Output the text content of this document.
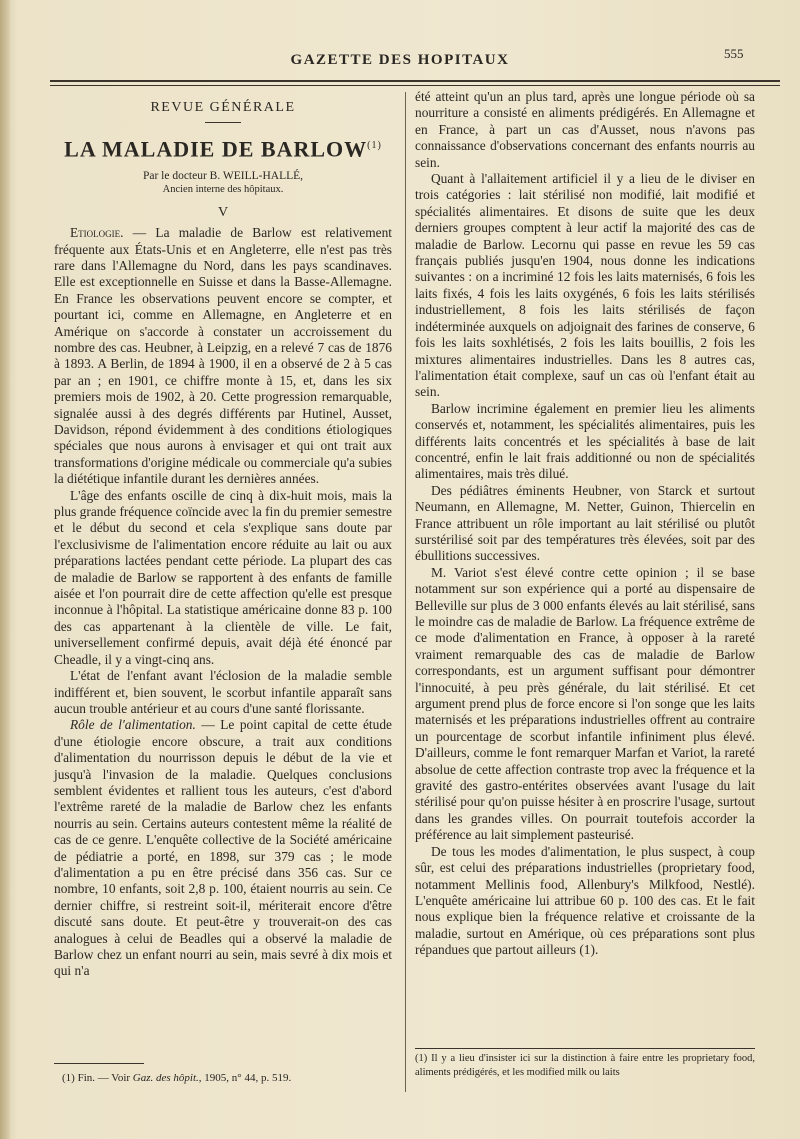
GAZETTE DES HOPITAUX	555
REVUE GÉNÉRALE
LA MALADIE DE BARLOW$^{(1)}$
Par le docteur B. WEILL-HALLÉ,
Ancien interne des hôpitaux.
V

Etiologie. — La maladie de Barlow est relativement fréquente aux États-Unis et en Angleterre, elle n'est pas très rare dans l'Allemagne du Nord, dans les pays scandinaves. Elle est exceptionnelle en Suisse et dans la Basse-Allemagne. En France les observations peuvent encore se compter, et pourtant ici, comme en Allemagne, en Angleterre et en Amérique on s'accorde à constater un accroissement du nombre des cas. Heubner, à Leipzig, en a relevé 7 cas de 1876 à 1893. A Berlin, de 1894 à 1900, il en a observé de 2 à 5 cas par an ; en 1901, ce chiffre monte à 15, et, dans les six premiers mois de 1902, à 20. Cette progression remarquable, signalée aussi à des degrés différents par Hutinel, Ausset, Davidson, répond évidemment à des conditions étiologiques spéciales que nous aurons à envisager et qui ont trait aux transformations d'origine médicale ou commerciale qu'a subies la diététique infantile durant les dernières années.

L'âge des enfants oscille de cinq à dix-huit mois, mais la plus grande fréquence coïncide avec la fin du premier semestre et le début du second et cela s'explique sans doute par l'exclusivisme de l'alimentation encore réduite au lait ou aux préparations lactées pendant cette période. La plupart des cas de maladie de Barlow se rapportent à des enfants de famille aisée et l'on pourrait dire de cette affection qu'elle est presque inconnue à l'hôpital. La statistique américaine donne 83 p. 100 des cas appartenant à la clientèle de ville. Le fait, universellement confirmé depuis, avait déjà été énoncé par Cheadle, il y a vingt-cinq ans.

L'état de l'enfant avant l'éclosion de la maladie semble indifférent et, bien souvent, le scorbut infantile apparaît sans aucun trouble antérieur et au cours d'une santé florissante.

Rôle de l'alimentation. — Le point capital de cette étude d'une étiologie encore obscure, a trait aux conditions d'alimentation du nourrisson depuis le début de la vie et jusqu'à l'invasion de la maladie. Quelques conclusions semblent évidentes et rallient tous les auteurs, c'est d'abord l'extrême rareté de la maladie de Barlow chez les enfants nourris au sein. Certains auteurs contestent même la réalité de cas de ce genre. L'enquête collective de la Société américaine de pédiatrie a porté, en 1898, sur 379 cas ; le mode d'alimentation a pu en être précisé dans 356 cas. Sur ce nombre, 10 enfants, soit 2,8 p. 100, étaient nourris au sein. Ce dernier chiffre, si restreint soit-il, mériterait encore d'être discuté sans doute. Et peut-être y trouverait-on des cas analogues à celui de Beadles qui a observé la maladie de Barlow chez un enfant nourri au sein, mais sevré à dix mois et qui n'a

été atteint qu'un an plus tard, après une longue période où sa nourriture a consisté en aliments prédigérés. En Allemagne et en France, à part un cas d'Ausset, nous n'avons pas connaissance d'observations concernant des enfants nourris au sein.

Quant à l'allaitement artificiel il y a lieu de le diviser en trois catégories : lait stérilisé non modifié, lait modifié et spécialités alimentaires. Et disons de suite que les deux derniers groupes comptent à leur actif la majorité des cas de maladie de Barlow. Lecornu qui passe en revue les 59 cas français publiés jusqu'en 1904, nous donne les indications suivantes : on a incriminé 12 fois les laits maternisés, 6 fois les laits fixés, 4 fois les laits oxygénés, 6 fois les laits stérilisés industriellement, 8 fois les laits stérilisés de façon indéterminée auxquels on adjoignait des farines de conserve, 6 fois les laits soxhlétisés, 2 fois les laits bouillis, 2 fois les mixtures alimentaires industrielles. Dans les 8 autres cas, l'alimentation était complexe, sauf un cas où l'enfant était au sein.

Barlow incrimine également en premier lieu les aliments conservés et, notamment, les spécialités alimentaires, puis les différents laits concentrés et les spécialités à base de lait concentré, enfin le lait frais additionné ou non de spécialités alimentaires, mais très dilué.

Des pédiâtres éminents Heubner, von Starck et surtout Neumann, en Allemagne, M. Netter, Guinon, Thiercelin en France attribuent un rôle important au lait stérilisé ou plutôt surstérilisé soit par des températures très élevées, soit par des ébullitions successives.

M. Variot s'est élevé contre cette opinion ; il se base notamment sur son expérience qui a porté au dispensaire de Belleville sur plus de 3 000 enfants élevés au lait stérilisé, sans le moindre cas de maladie de Barlow. La fréquence extrême de ce mode d'alimentation en France, à opposer à la rareté vraiment remarquable des cas de maladie de Barlow correspondants, est un argument suffisant pour démontrer l'innocuité, à peu près générale, du lait stérilisé. Et cet argument prend plus de force encore si l'on songe que les laits maternisés et les préparations industrielles offrent au contraire un pourcentage de scorbut infantile infiniment plus élevé. D'ailleurs, comme le font remarquer Marfan et Variot, la rareté absolue de cette affection contraste trop avec la fréquence et la gravité des gastro-entérites observées avant l'usage du lait stérilisé pour qu'on puisse hésiter à en proscrire l'usage, surtout dans les grandes villes. On pourrait toutefois accorder la préférence au lait simplement pasteurisé.

De tous les modes d'alimentation, le plus suspect, à coup sûr, est celui des préparations industrielles (proprietary food, notamment Mellinis food, Allenbury's Milkfood, Nestlé). L'enquête américaine lui attribue 60 p. 100 des cas. Et le fait nous explique bien la fréquence relative et croissante de la maladie, surtout en Amérique, où ces préparations sont plus répandues que partout ailleurs (1).

(1) Fin. — Voir Gaz. des hôpit., 1905, n° 44, p. 519.
(1) Il y a lieu d'insister ici sur la distinction à faire entre les proprietary food, aliments prédigérés, et les modified milk ou laits
